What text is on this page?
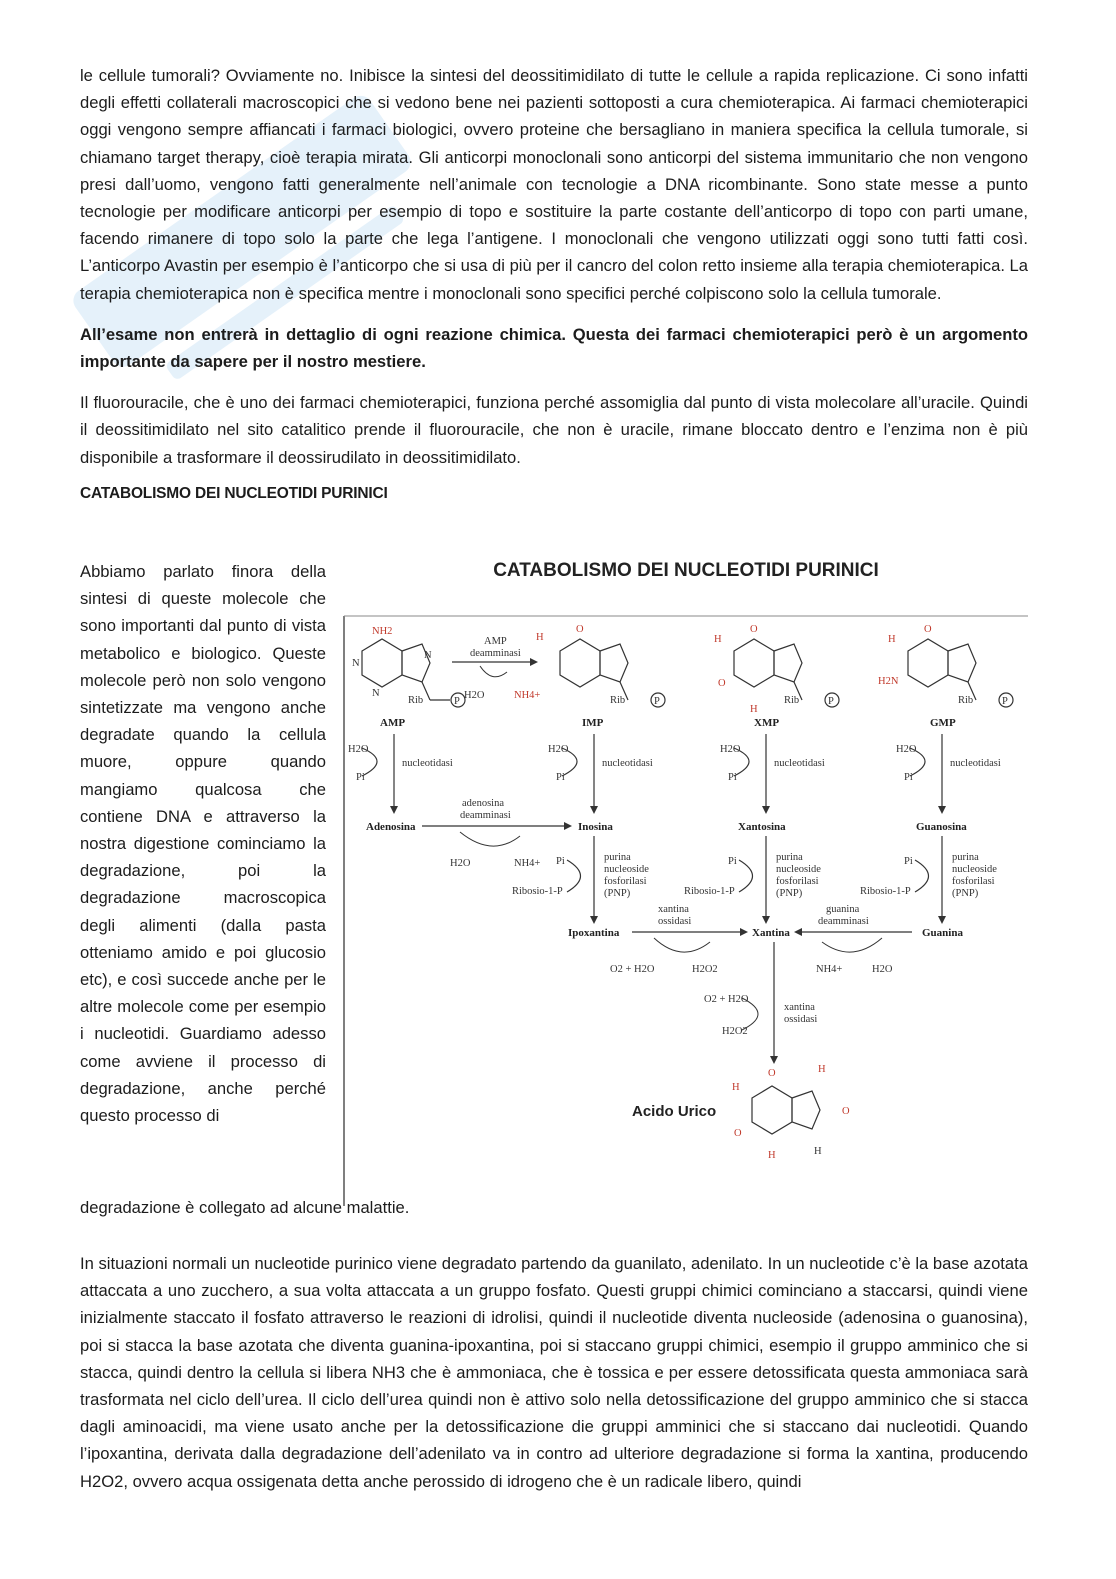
le cellule tumorali? Ovviamente no. Inibisce la sintesi del deossitimidilato di tutte le cellule a rapida replicazione. Ci sono infatti degli effetti collaterali macroscopici che si vedono bene nei pazienti sottoposti a cura chemioterapica. Ai farmaci chemioterapici oggi vengono sempre affiancati i farmaci biologici, ovvero proteine che bersagliano in maniera specifica la cellula tumorale, si chiamano target therapy, cioè terapia mirata. Gli anticorpi monoclonali sono anticorpi del sistema immunitario che non vengono presi dall’uomo, vengono fatti generalmente nell’animale con tecnologie a DNA ricombinante. Sono state messe a punto tecnologie per modificare anticorpi per esempio di topo e sostituire la parte costante dell’anticorpo di topo con parti umane, facendo rimanere di topo solo la parte che lega l’antigene. I monoclonali che vengono utilizzati oggi sono tutti fatti così. L’anticorpo Avastin per esempio è l’anticorpo che si usa di più per il cancro del colon retto insieme alla terapia chemioterapica. La terapia chemioterapica non è specifica mentre i monoclonali sono specifici perché colpiscono solo la cellula tumorale.

All’esame non entrerà in dettaglio di ogni reazione chimica. Questa dei farmaci chemioterapici però è un argomento importante da sapere per il nostro mestiere.

Il fluorouracile, che è uno dei farmaci chemioterapici, funziona perché assomiglia dal punto di vista molecolare all’uracile. Quindi il deossitimidilato nel sito catalitico prende il fluorouracile, che non è uracile, rimane bloccato dentro e l’enzima non è più disponibile a trasformare il deossirudilato in deossitimidilato.

CATABOLISMO DEI NUCLEOTIDI PURINICI

Abbiamo parlato finora della sintesi di queste molecole che sono importanti dal punto di vista metabolico e biologico. Queste molecole però non solo vengono sintetizzate ma vengono anche degradate quando la cellula muore, oppure quando mangiamo qualcosa che contiene DNA e attraverso la nostra digestione cominciamo la degradazione, poi la degradazione macroscopica degli alimenti (dalla pasta otteniamo amido e poi glucosio etc), e così succede anche per le altre molecole come per esempio i nucleotidi. Guardiamo adesso come avviene il processo di degradazione, anche perché questo processo di

degradazione è collegato ad alcune malattie.

CATABOLISMO DEI NUCLEOTIDI PURINICI
NH2
N
N
N
Rib	P
AMP
AMP
deamminasi
H2O	NH4+
H
O
Rib	P
IMP
H
O
O
H
Rib	P
XMP
H
O
H2N
Rib	P
GMP
H2O
Pi
nucleotidasi
H2O
Pi
nucleotidasi
H2O
Pi
nucleotidasi
H2O
Pi
nucleotidasi
Adenosina	Inosina	Xantosina	Guanosina
adenosina
deamminasi
H2O	NH4+ Pi	purina
nucleoside
fosforilasi
(PNP)
Ribosio-1-P
Pi	purina
nucleoside
fosforilasi
(PNP)
Ribosio-1-P
Pi	purina
nucleoside
fosforilasi
(PNP)
Ribosio-1-P
Ipoxantina	Xantina	Guanina
xantina
ossidasi
O2 + H2O	H2O2
guanina
deamminasi
NH4+	H2O
O2 + H2O
H2O2
xantina
ossidasi
H
O	H
O
O
H	H
Acido Urico

In situazioni normali un nucleotide purinico viene degradato partendo da guanilato, adenilato. In un nucleotide c’è la base azotata attaccata a uno zucchero, a sua volta attaccata a un gruppo fosfato. Questi gruppi chimici cominciano a staccarsi, quindi viene inizialmente staccato il fosfato attraverso le reazioni di idrolisi, quindi il nucleotide diventa nucleoside (adenosina o guanosina), poi si stacca la base azotata che diventa guanina-ipoxantina, poi si staccano gruppi chimici, esempio il gruppo amminico che si stacca, quindi dentro la cellula si libera NH3 che è ammoniaca, che è tossica e per essere detossificata questa ammoniaca sarà trasformata nel ciclo dell’urea. Il ciclo dell’urea quindi non è attivo solo nella detossificazione del gruppo amminico che si stacca dagli aminoacidi, ma viene usato anche per la detossificazione die gruppi amminici che si staccano dai nucleotidi. Quando l’ipoxantina, derivata dalla degradazione dell’adenilato va in contro ad ulteriore degradazione si forma la xantina, producendo H2O2, ovvero acqua ossigenata detta anche perossido di idrogeno che è un radicale libero, quindi
